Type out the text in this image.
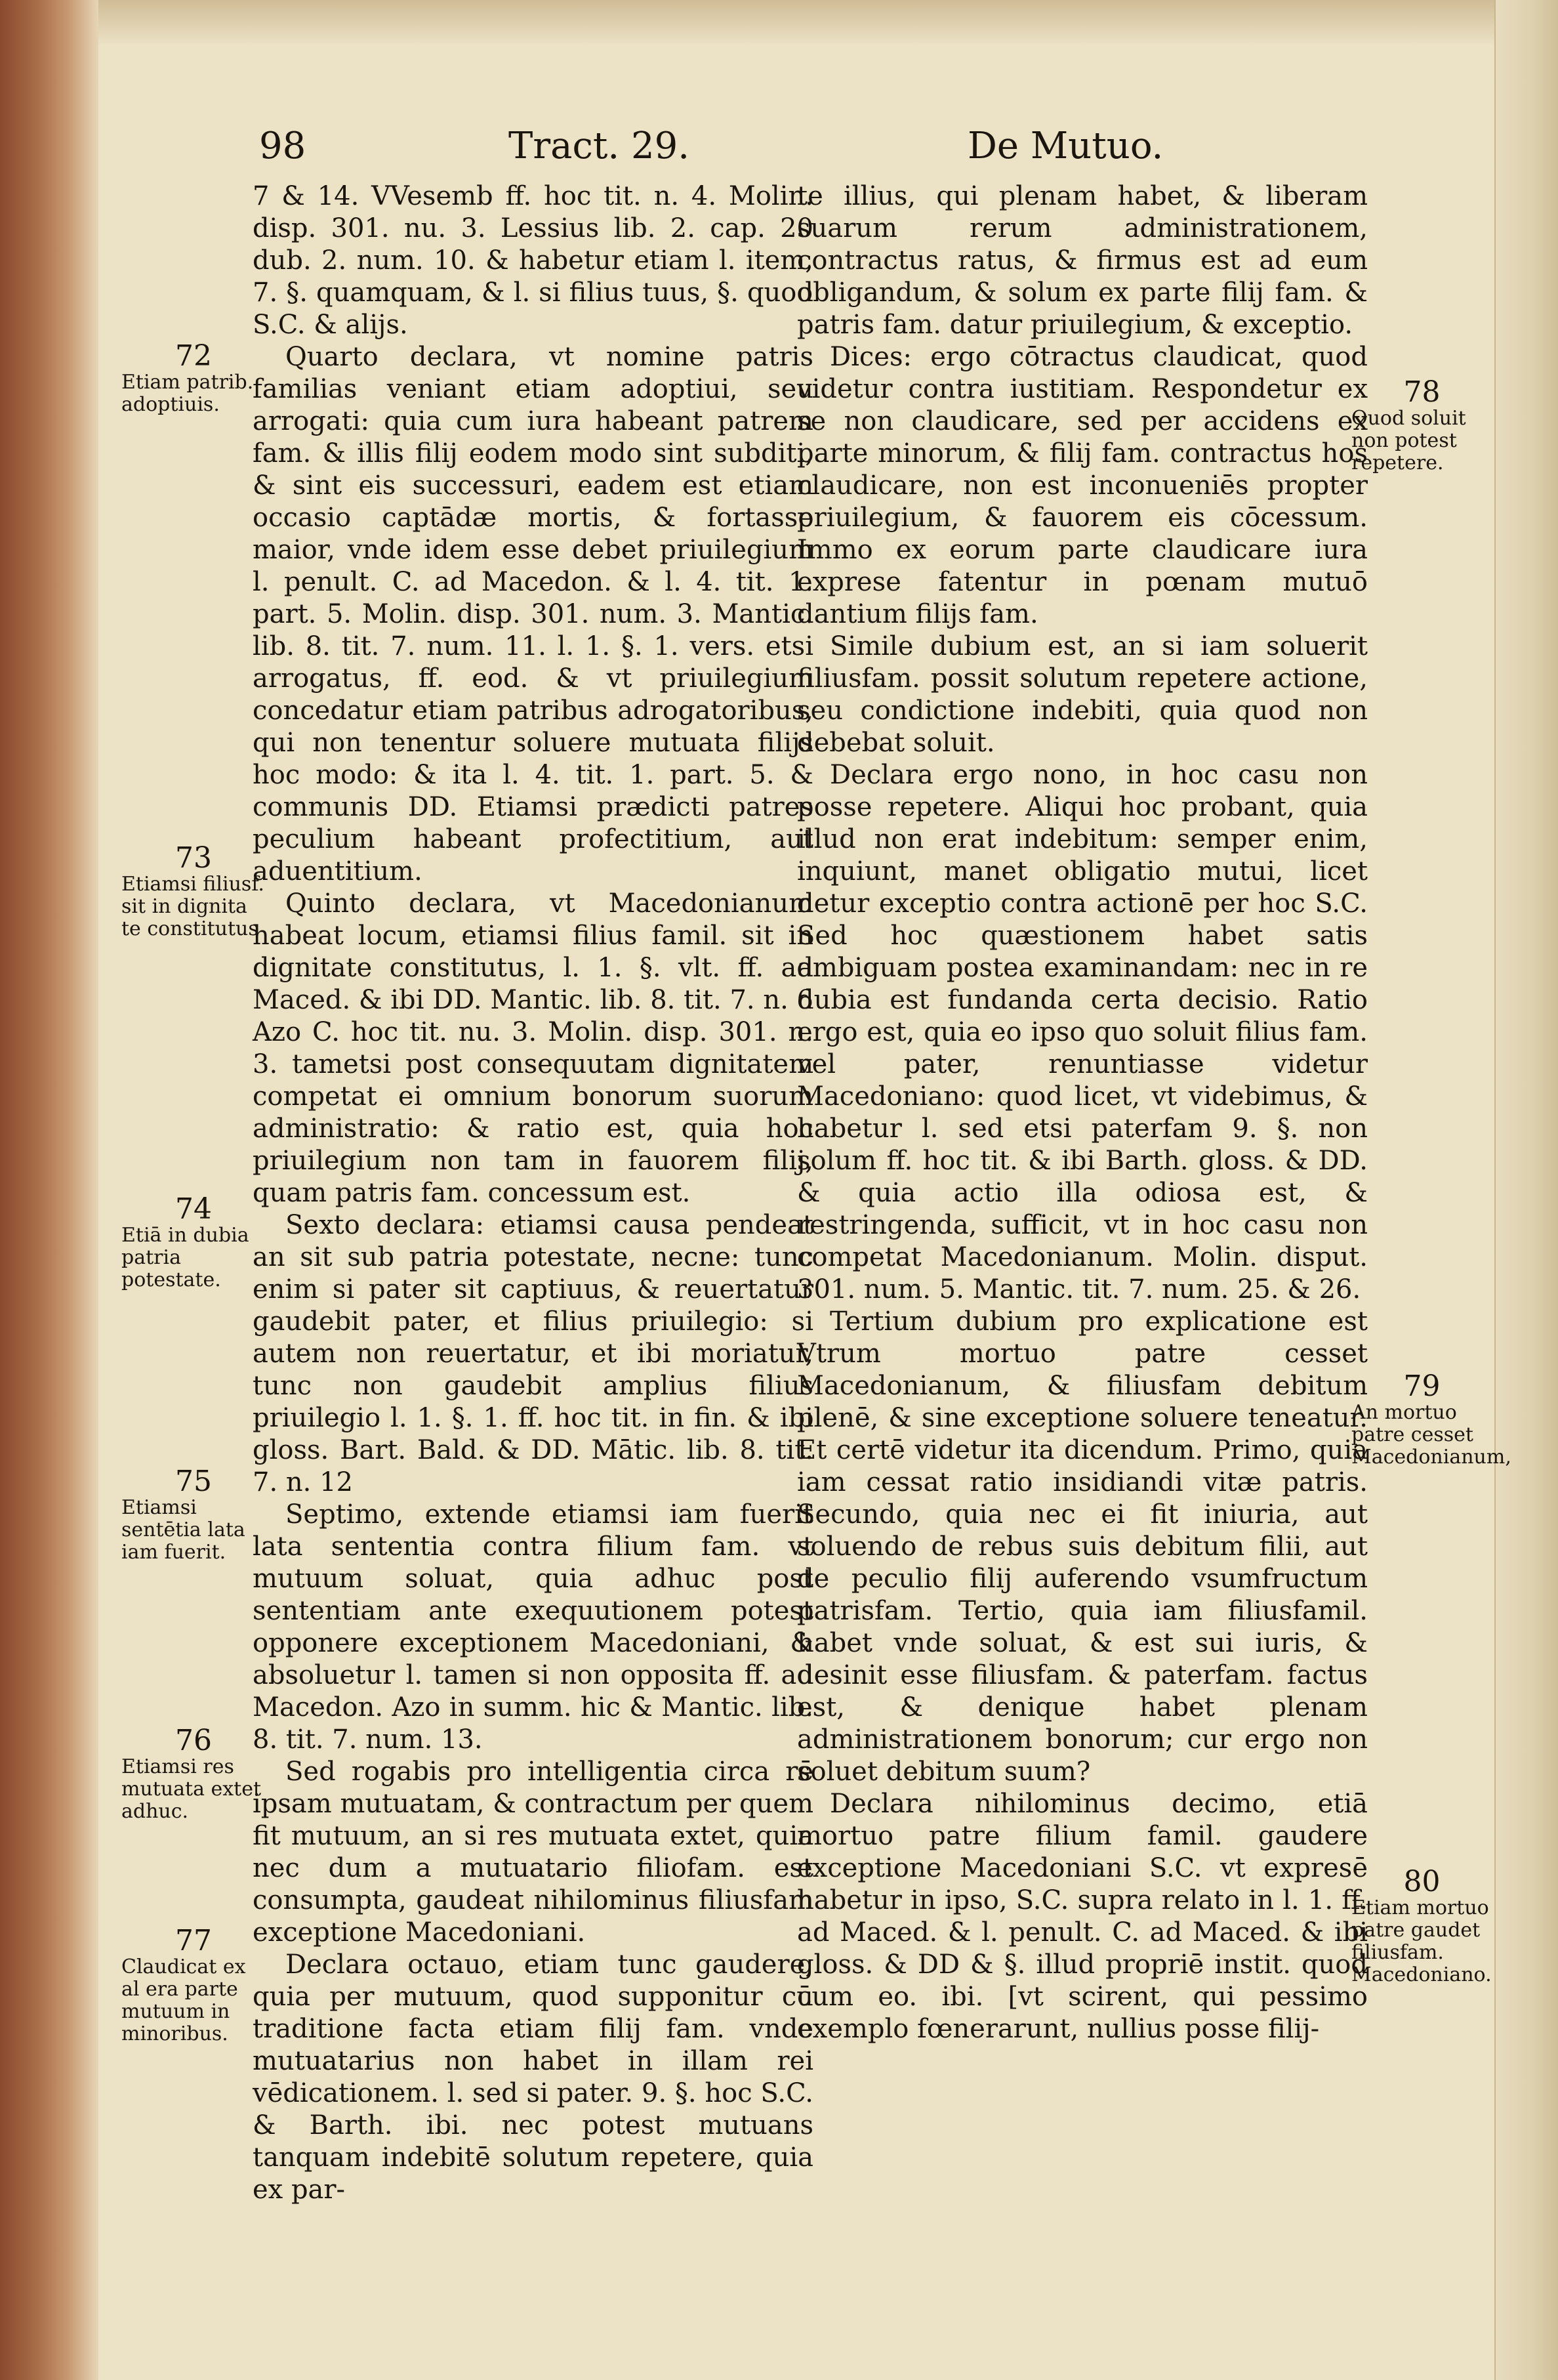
98	Tract. 29.	De Mutuo.

7 & 14. VVesemb ff. hoc tit. n. 4. Molin. disp. 301. nu. 3. Lessius lib. 2. cap. 20 dub. 2. num. 10. & habetur etiam l. item, 7. §. quamquam, & l. si filius tuus, §. quod S.C. & alijs.

Quarto declara, vt nomine patris familias veniant etiam adoptiui, seu arrogati: quia cum iura habeant patrem fam. & illis filij eodem modo sint subditi, & sint eis successuri, eadem est etiam occasio captādæ mortis, & fortasse maior, vnde idem esse debet priuilegium l. penult. C. ad Macedon. & l. 4. tit. 1. part. 5. Molin. disp. 301. num. 3. Mantic. lib. 8. tit. 7. num. 11. l. 1. §. 1. vers. etsi arrogatus, ff. eod. & vt priuilegium concedatur etiam patribus adrogatoribus, qui non tenentur soluere mutuata filijs hoc modo: & ita l. 4. tit. 1. part. 5. & communis DD. Etiamsi prædicti patres peculium habeant profectitium, aut aduentitium.

Quinto declara, vt Macedonianum habeat locum, etiamsi filius famil. sit in dignitate constitutus, l. 1. §. vlt. ff. ad Maced. & ibi DD. Mantic. lib. 8. tit. 7. n. 6 Azo C. hoc tit. nu. 3. Molin. disp. 301. n. 3. tametsi post consequutam dignitatem competat ei omnium bonorum suorum administratio: & ratio est, quia hoc priuilegium non tam in fauorem filij, quam patris fam. concessum est.

Sexto declara: etiamsi causa pendeat an sit sub patria potestate, necne: tunc enim si pater sit captiuus, & reuertatur gaudebit pater, et filius priuilegio: si autem non reuertatur, et ibi moriatur, tunc non gaudebit amplius filius priuilegio l. 1. §. 1. ff. hoc tit. in fin. & ibi gloss. Bart. Bald. & DD. Mātic. lib. 8. tit. 7. n. 12

Septimo, extende etiamsi iam fuerit lata sententia contra filium fam. vt mutuum soluat, quia adhuc post sententiam ante exequutionem potest opponere exceptionem Macedoniani, & absoluetur l. tamen si non opposita ff. ad Macedon. Azo in summ. hic & Mantic. lib. 8. tit. 7. num. 13.

Sed rogabis pro intelligentia circa rē ipsam mutuatam, & contractum per quem fit mutuum, an si res mutuata extet, quia nec dum a mutuatario filiofam. est consumpta, gaudeat nihilominus filiusfam exceptione Macedoniani.

Declara octauo, etiam tunc gaudere, quia per mutuum, quod supponitur cū traditione facta etiam filij fam. vnde mutuatarius non habet in illam rei vēdicationem. l. sed si pater. 9. §. hoc S.C. & Barth. ibi. nec potest mutuans tanquam indebitē solutum repetere, quia ex par-

te illius, qui plenam habet, & liberam suarum rerum administrationem, contractus ratus, & firmus est ad eum obligandum, & solum ex parte filij fam. & patris fam. datur priuilegium, & exceptio.

Dices: ergo cōtractus claudicat, quod videtur contra iustitiam. Respondetur ex se non claudicare, sed per accidens ex parte minorum, & filij fam. contractus hos claudicare, non est inconueniēs propter priuilegium, & fauorem eis cōcessum. Immo ex eorum parte claudicare iura exprese fatentur in pœnam mutuō dantium filijs fam.

Simile dubium est, an si iam soluerit filiusfam. possit solutum repetere actione, seu condictione indebiti, quia quod non debebat soluit.

Declara ergo nono, in hoc casu non posse repetere. Aliqui hoc probant, quia illud non erat indebitum: semper enim, inquiunt, manet obligatio mutui, licet detur exceptio contra actionē per hoc S.C. Sed hoc quæstionem habet satis ambiguam postea examinandam: nec in re dubia est fundanda certa decisio. Ratio ergo est, quia eo ipso quo soluit filius fam. vel pater, renuntiasse videtur Macedoniano: quod licet, vt videbimus, & habetur l. sed etsi paterfam 9. §. non solum ff. hoc tit. & ibi Barth. gloss. & DD. & quia actio illa odiosa est, & restringenda, sufficit, vt in hoc casu non competat Macedonianum. Molin. disput. 301. num. 5. Mantic. tit. 7. num. 25. & 26.

Tertium dubium pro explicatione est Vtrum mortuo patre cesset Macedonianum, & filiusfam debitum plenē, & sine exceptione soluere teneatur. Et certē videtur ita dicendum. Primo, quia iam cessat ratio insidiandi vitæ patris. Secundo, quia nec ei fit iniuria, aut soluendo de rebus suis debitum filii, aut de peculio filij auferendo vsumfructum patrisfam. Tertio, quia iam filiusfamil. habet vnde soluat, & est sui iuris, & desinit esse filiusfam. & paterfam. factus est, & denique habet plenam administrationem bonorum; cur ergo non soluet debitum suum?

Declara nihilominus decimo, etiā mortuo patre filium famil. gaudere exceptione Macedoniani S.C. vt expresē habetur in ipso, S.C. supra relato in l. 1. ff. ad Maced. & l. penult. C. ad Maced. & ibi gloss. & DD & §. illud propriē instit. quod cum eo. ibi. [vt scirent, qui pessimo exemplo fœnerarunt, nullius posse filij-

72
Etiam patrib. adoptiuis.
73
Etiamsi filiusf. sit in dignita te constitutus
74
Etiā in dubia patria potestate.
75
Etiamsi sentētia lata iam fuerit.
76
Etiamsi res mutuata extet adhuc.
77
Claudicat ex al era parte mutuum in minoribus.
78
Quod soluit non potest repetere.
79
An mortuo patre cesset Macedonianum,
80
Etiam mortuo patre gaudet filiusfam. Macedoniano.
